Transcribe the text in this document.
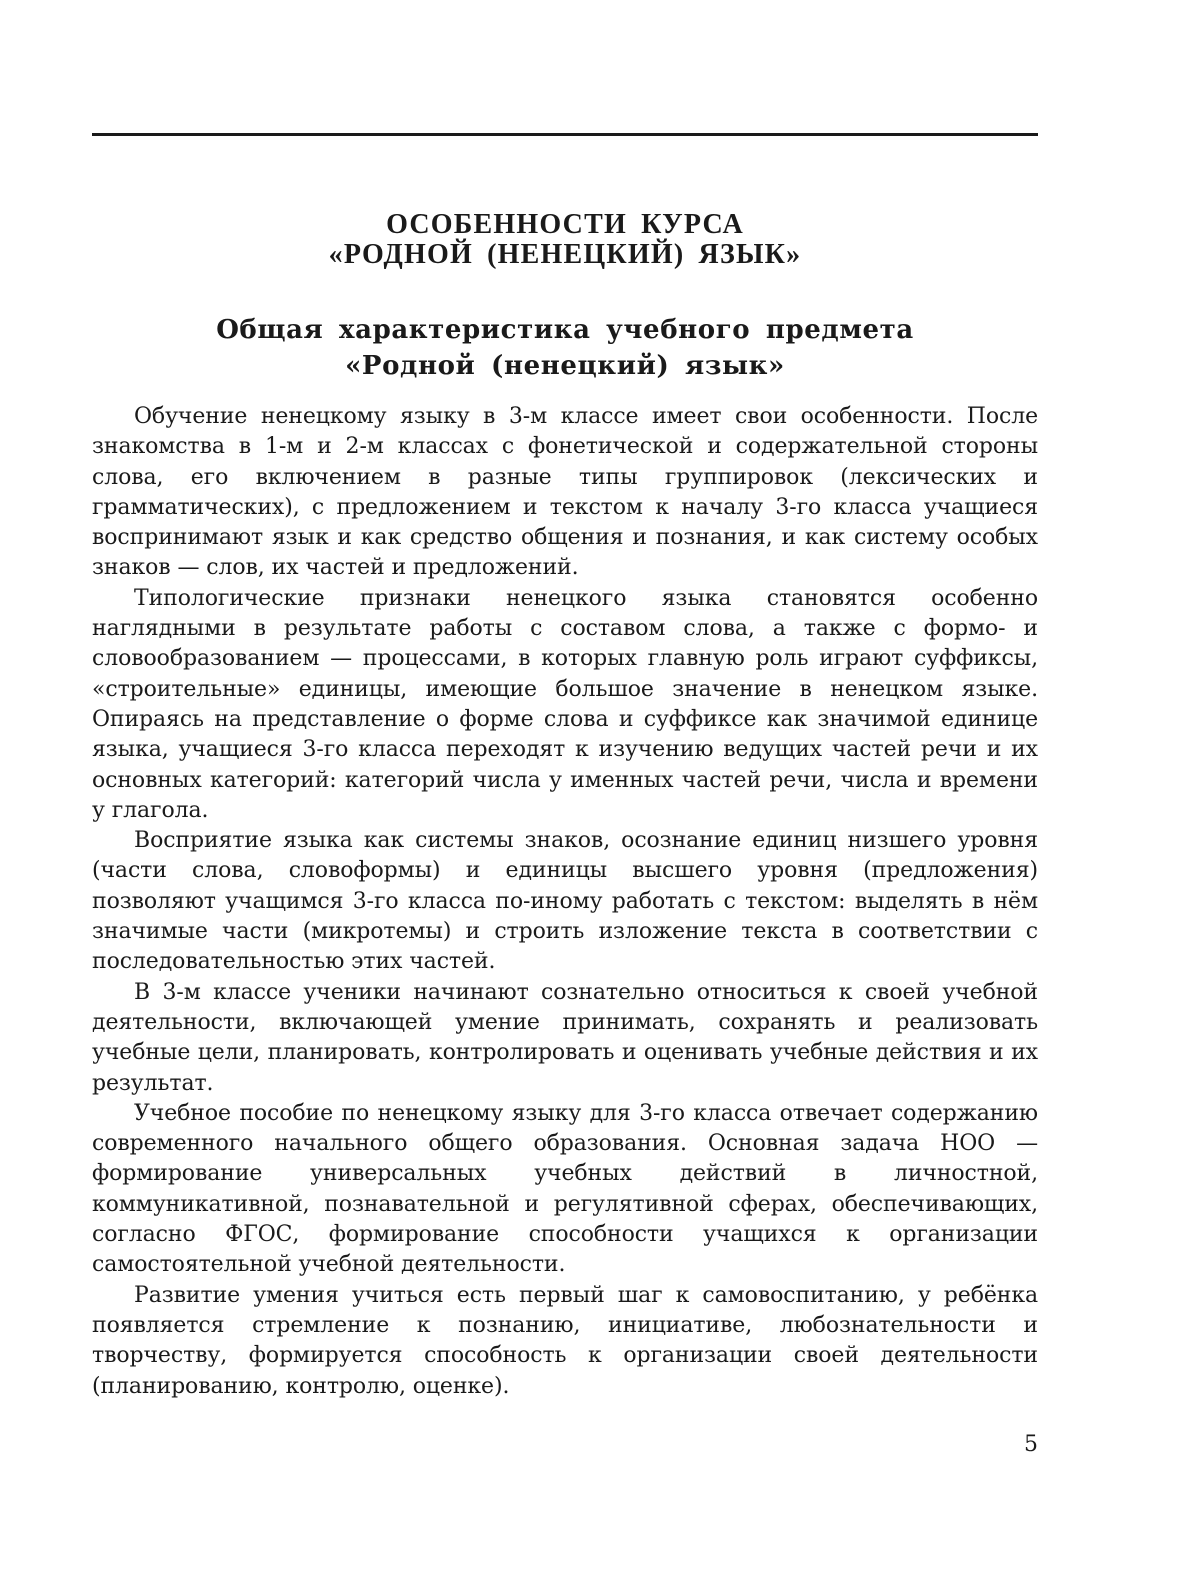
ОСОБЕННОСТИ КУРСА
«РОДНОЙ (НЕНЕЦКИЙ) ЯЗЫК»
Общая характеристика учебного предмета
«Родной (ненецкий) язык»

Обучение ненецкому языку в 3-м классе имеет свои особенности. После знакомства в 1-м и 2-м классах с фонетической и содержательной стороны слова, его включением в разные типы группировок (лексических и грамматических), с предложением и текстом к началу 3-го класса учащиеся воспринимают язык и как средство общения и познания, и как систему особых знаков — слов, их частей и предложений.

Типологические признаки ненецкого языка становятся особенно наглядными в результате работы с составом слова, а также с формо- и словообразованием — процессами, в которых главную роль играют суффиксы, «строительные» единицы, имеющие большое значение в ненецком языке. Опираясь на представление о форме слова и суффиксе как значимой единице языка, учащиеся 3-го класса переходят к изучению ведущих частей речи и их основных категорий: категорий числа у именных частей речи, числа и времени у глагола.

Восприятие языка как системы знаков, осознание единиц низшего уровня (части слова, словоформы) и единицы высшего уровня (предложения) позволяют учащимся 3-го класса по-иному работать с текстом: выделять в нём значимые части (микротемы) и строить изложение текста в соответствии с последовательностью этих частей.

В 3-м классе ученики начинают сознательно относиться к своей учебной деятельности, включающей умение принимать, сохранять и реализовать учебные цели, планировать, контролировать и оценивать учебные действия и их результат.

Учебное пособие по ненецкому языку для 3-го класса отвечает содержанию современного начального общего образования. Основная задача НОО — формирование универсальных учебных действий в личностной, коммуникативной, познавательной и регулятивной сферах, обеспечивающих, согласно ФГОС, формирование способности учащихся к организации самостоятельной учебной деятельности.

Развитие умения учиться есть первый шаг к самовоспитанию, у ребёнка появляется стремление к познанию, инициативе, любознательности и творчеству, формируется способность к организации своей деятельности (планированию, контролю, оценке).

5
